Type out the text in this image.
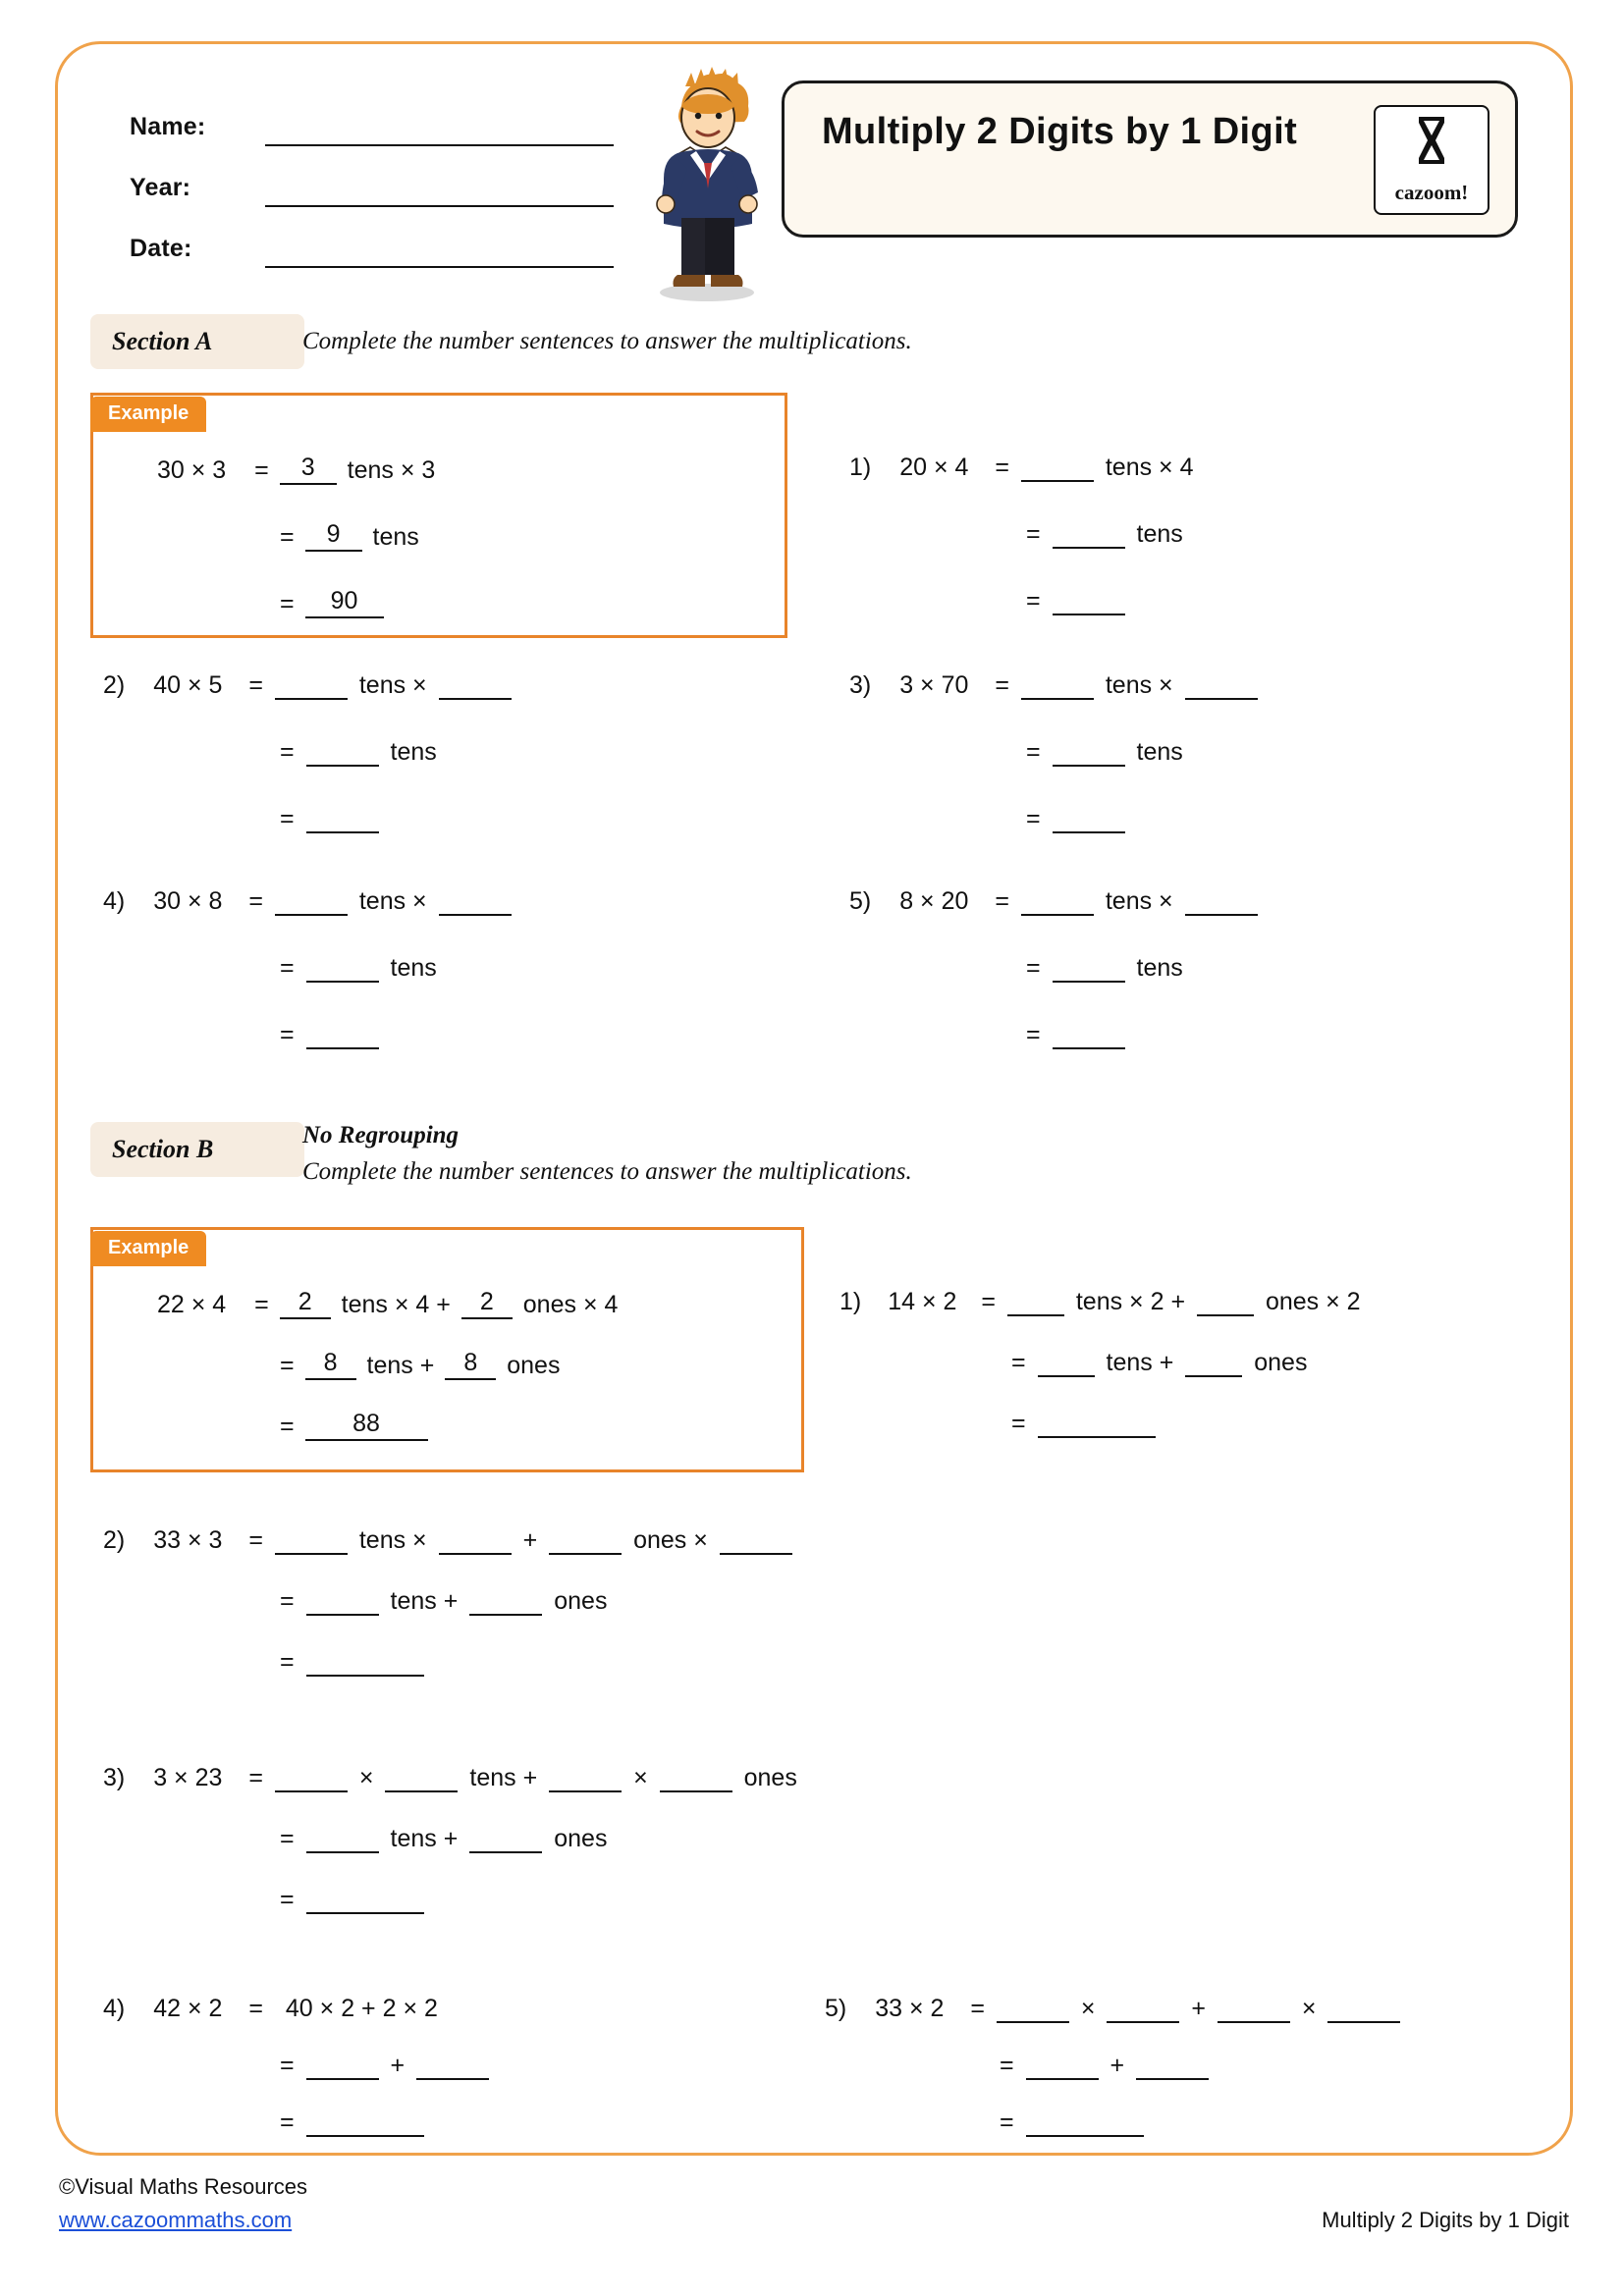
Name:
Year:
Date:
Multiply 2 Digits by 1 Digit
cazoom!
Section A	Complete the number sentences to answer the multiplications.
Example
30 × 3 = 3 tens × 3
= 9 tens
= 90
1) 20 × 4 =	tens × 4
=	tens
=
2) 40 × 5 =	tens ×
=	tens
=
3) 3 × 70 =	tens ×
=	tens
=
4) 30 × 8 =	tens ×
=	tens
=
5) 8 × 20 =	tens ×
=	tens
=
Section B	No Regrouping
Complete the number sentences to answer the multiplications.
Example
22 × 4 = 2 tens × 4 + 2 ones × 4
= 8 tens + 8 ones
= 88
1) 14 × 2 =	tens × 2 +	ones × 2
=	tens +	ones
=
2) 33 × 3 =	tens ×	+	ones ×
=	tens +	ones
=
3) 3 × 23 =	×	tens +	×	ones
=	tens +	ones
=
4) 42 × 2 = 40 × 2 + 2 × 2
=	+
=
5) 33 × 2 =	×	+	×
=	+
=
©Visual Maths Resources
www.cazoommaths.com	Multiply 2 Digits by 1 Digit
